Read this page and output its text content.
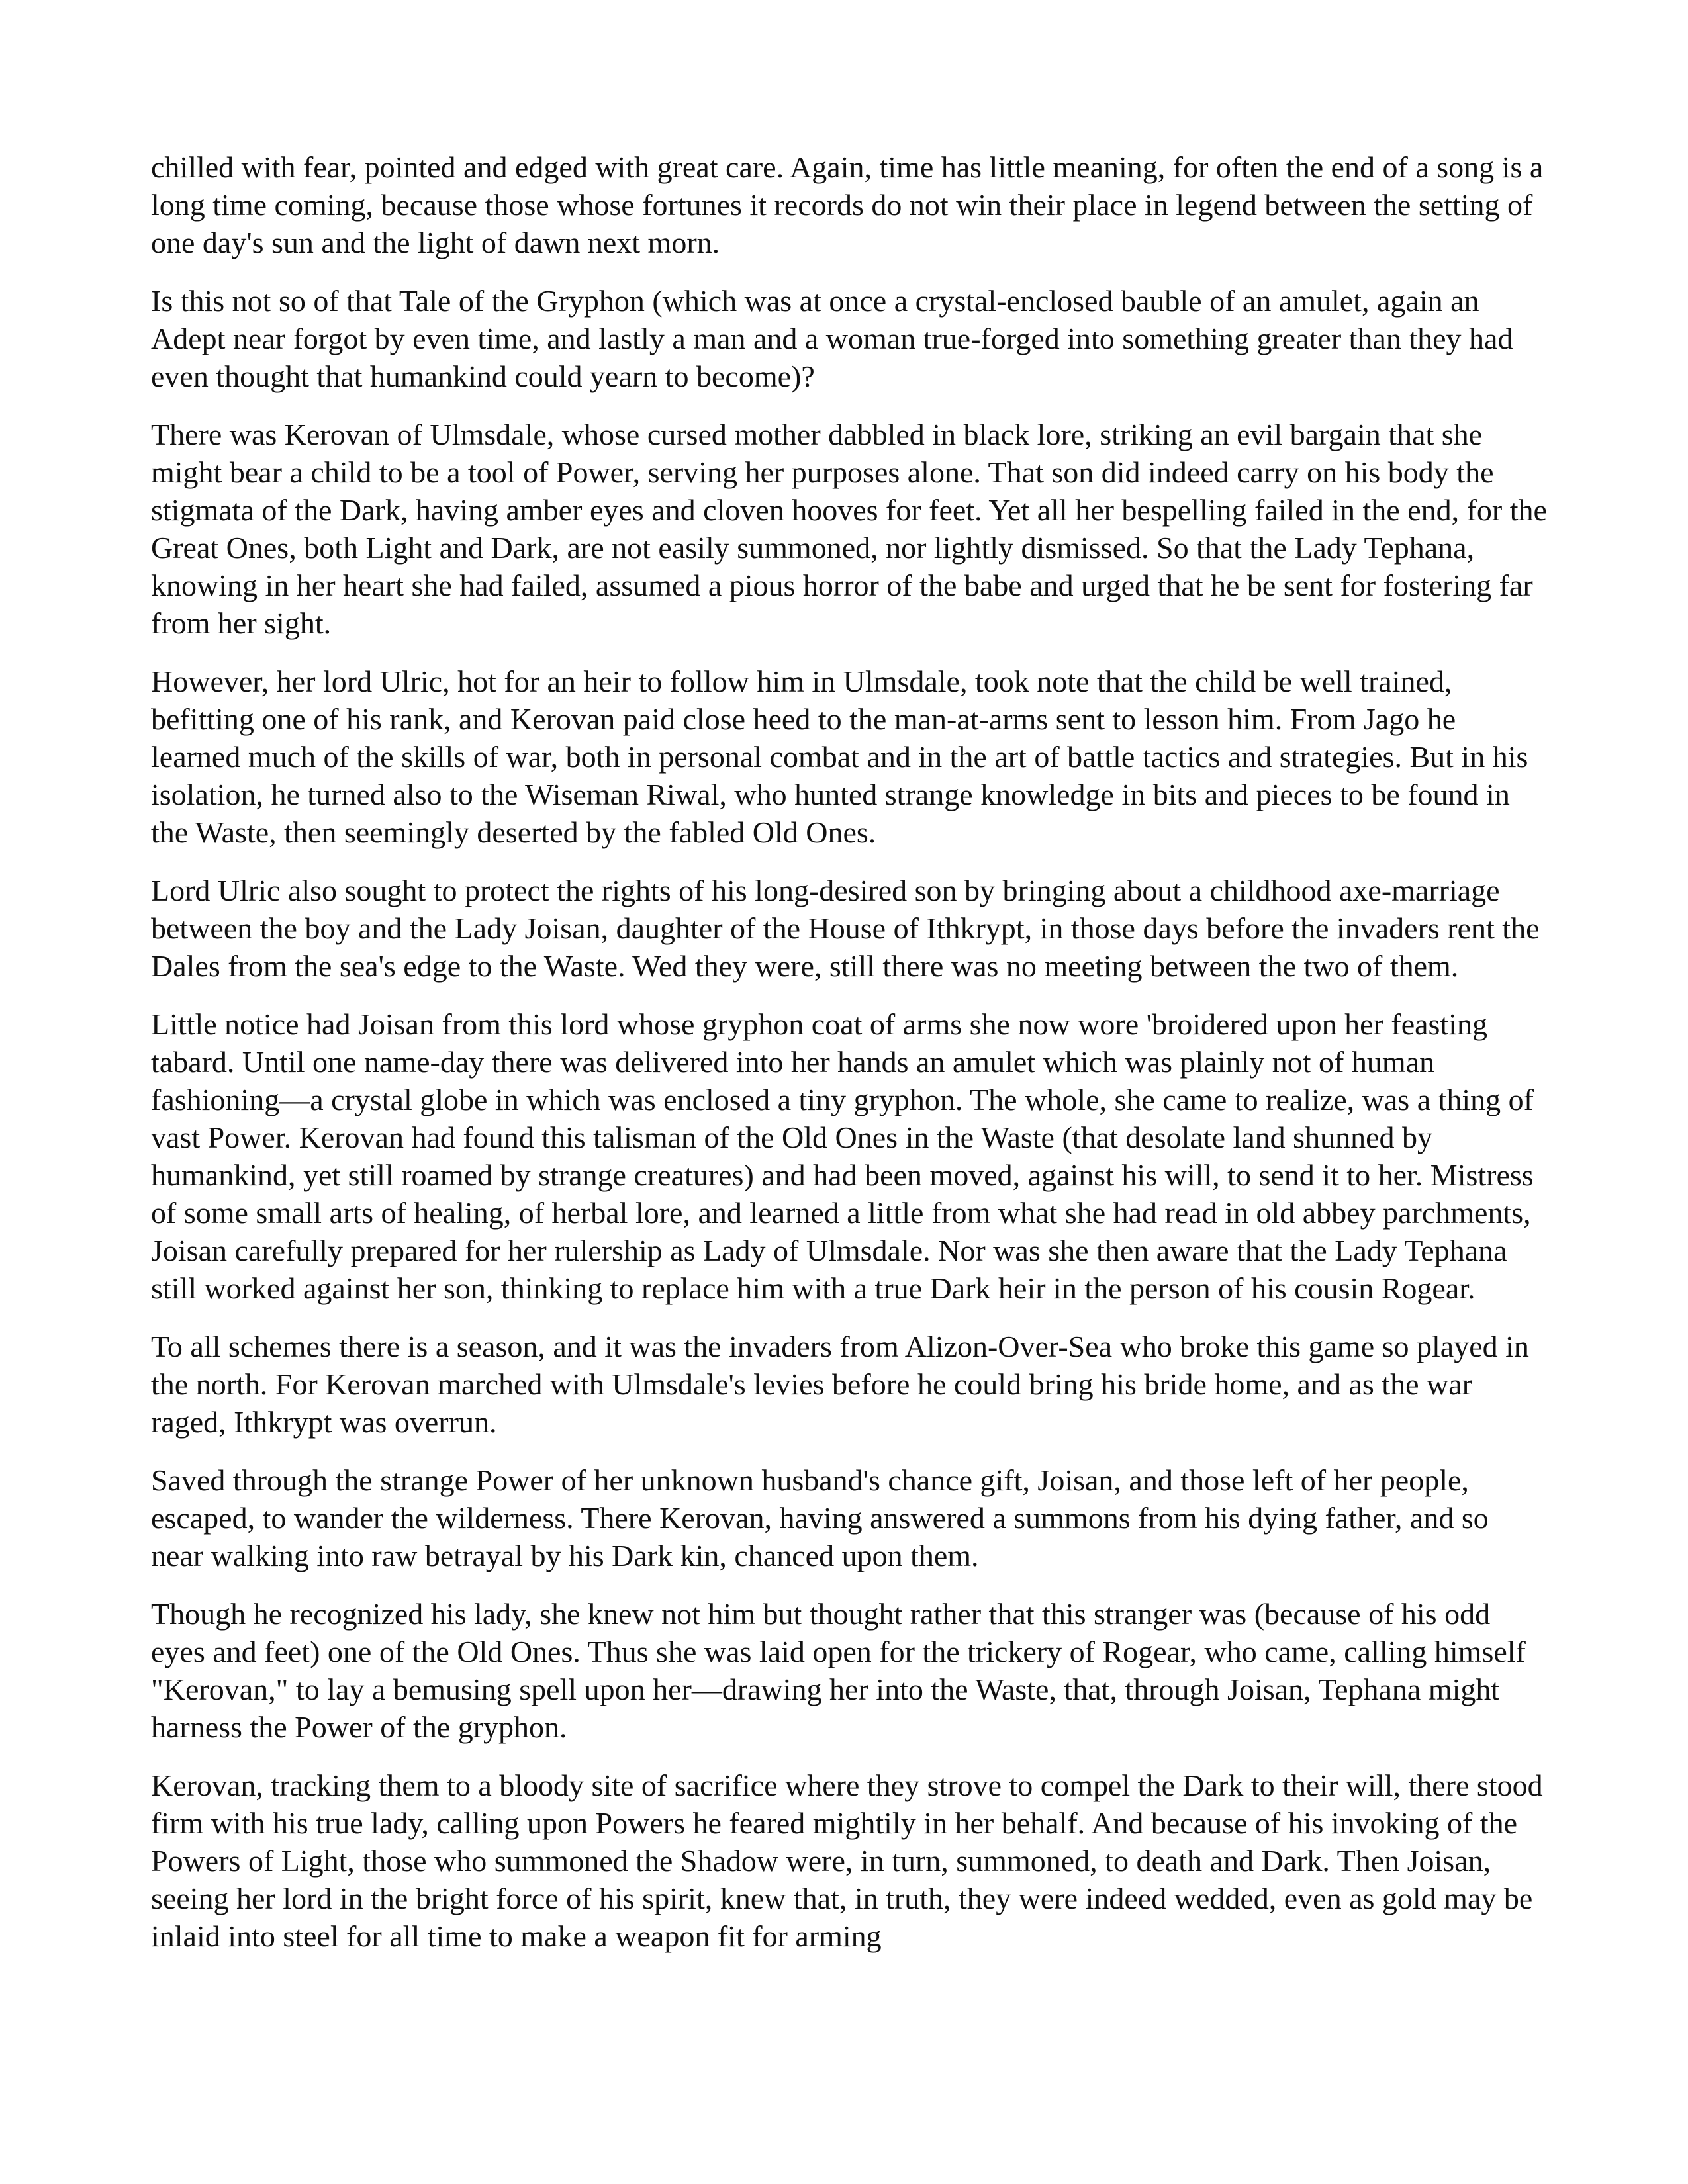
chilled with fear, pointed and edged with great care. Again, time has little meaning, for often the end of a song is a long time coming, because those whose fortunes it records do not win their place in legend between the setting of one day's sun and the light of dawn next morn.

Is this not so of that Tale of the Gryphon (which was at once a crystal-enclosed bauble of an amulet, again an Adept near forgot by even time, and lastly a man and a woman true-forged into something greater than they had even thought that humankind could yearn to become)?

There was Kerovan of Ulmsdale, whose cursed mother dabbled in black lore, striking an evil bargain that she might bear a child to be a tool of Power, serving her purposes alone. That son did indeed carry on his body the stigmata of the Dark, having amber eyes and cloven hooves for feet. Yet all her bespelling failed in the end, for the Great Ones, both Light and Dark, are not easily summoned, nor lightly dismissed. So that the Lady Tephana, knowing in her heart she had failed, assumed a pious horror of the babe and urged that he be sent for fostering far from her sight.

However, her lord Ulric, hot for an heir to follow him in Ulmsdale, took note that the child be well trained, befitting one of his rank, and Kerovan paid close heed to the man-at-arms sent to lesson him. From Jago he learned much of the skills of war, both in personal combat and in the art of battle tactics and strategies. But in his isolation, he turned also to the Wiseman Riwal, who hunted strange knowledge in bits and pieces to be found in the Waste, then seemingly deserted by the fabled Old Ones.

Lord Ulric also sought to protect the rights of his long-desired son by bringing about a childhood axe-marriage between the boy and the Lady Joisan, daughter of the House of Ithkrypt, in those days before the invaders rent the Dales from the sea's edge to the Waste. Wed they were, still there was no meeting between the two of them.

Little notice had Joisan from this lord whose gryphon coat of arms she now wore 'broidered upon her feasting tabard. Until one name-day there was delivered into her hands an amulet which was plainly not of human fashioning—a crystal globe in which was enclosed a tiny gryphon. The whole, she came to realize, was a thing of vast Power. Kerovan had found this talisman of the Old Ones in the Waste (that desolate land shunned by humankind, yet still roamed by strange creatures) and had been moved, against his will, to send it to her. Mistress of some small arts of healing, of herbal lore, and learned a little from what she had read in old abbey parchments, Joisan carefully prepared for her rulership as Lady of Ulmsdale. Nor was she then aware that the Lady Tephana still worked against her son, thinking to replace him with a true Dark heir in the person of his cousin Rogear.

To all schemes there is a season, and it was the invaders from Alizon-Over-Sea who broke this game so played in the north. For Kerovan marched with Ulmsdale's levies before he could bring his bride home, and as the war raged, Ithkrypt was overrun.

Saved through the strange Power of her unknown husband's chance gift, Joisan, and those left of her people, escaped, to wander the wilderness. There Kerovan, having answered a summons from his dying father, and so near walking into raw betrayal by his Dark kin, chanced upon them.

Though he recognized his lady, she knew not him but thought rather that this stranger was (because of his odd eyes and feet) one of the Old Ones. Thus she was laid open for the trickery of Rogear, who came, calling himself "Kerovan," to lay a bemusing spell upon her—drawing her into the Waste, that, through Joisan, Tephana might harness the Power of the gryphon.

Kerovan, tracking them to a bloody site of sacrifice where they strove to compel the Dark to their will, there stood firm with his true lady, calling upon Powers he feared mightily in her behalf. And because of his invoking of the Powers of Light, those who summoned the Shadow were, in turn, summoned, to death and Dark. Then Joisan, seeing her lord in the bright force of his spirit, knew that, in truth, they were indeed wedded, even as gold may be inlaid into steel for all time to make a weapon fit for arming
